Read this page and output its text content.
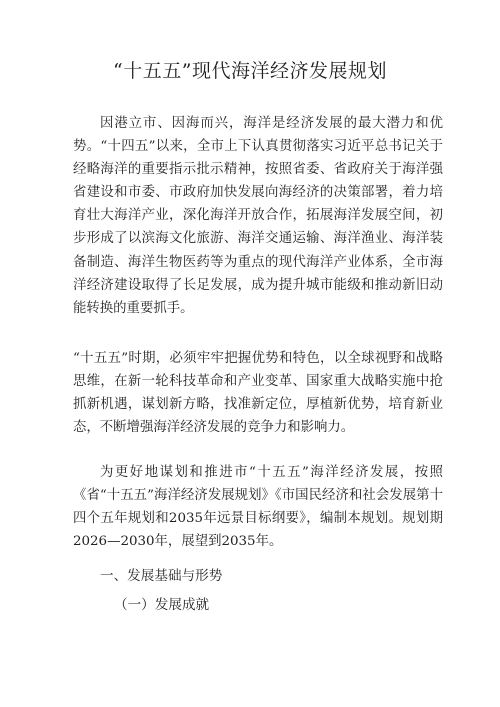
“十五五”现代海洋经济发展规划

因港立市、因海而兴，海洋是经济发展的最大潜力和优势。“十四五”以来，全市上下认真贯彻落实习近平总书记关于经略海洋的重要指示批示精神，按照省委、省政府关于海洋强省建设和市委、市政府加快发展向海经济的决策部署，着力培育壮大海洋产业，深化海洋开放合作，拓展海洋发展空间，初步形成了以滨海文化旅游、海洋交通运输、海洋渔业、海洋装备制造、海洋生物医药等为重点的现代海洋产业体系，全市海洋经济建设取得了长足发展，成为提升城市能级和推动新旧动能转换的重要抓手。

“十五五”时期，必须牢牢把握优势和特色，以全球视野和战略思维，在新一轮科技革命和产业变革、国家重大战略实施中抢抓新机遇，谋划新方略，找准新定位，厚植新优势，培育新业态，不断增强海洋经济发展的竞争力和影响力。

为更好地谋划和推进市“十五五”海洋经济发展，按照《省“十五五”海洋经济发展规划》《市国民经济和社会发展第十四个五年规划和2035年远景目标纲要》，编制本规划。规划期2026—2030年，展望到2035年。

一、发展基础与形势
（一）发展成就
